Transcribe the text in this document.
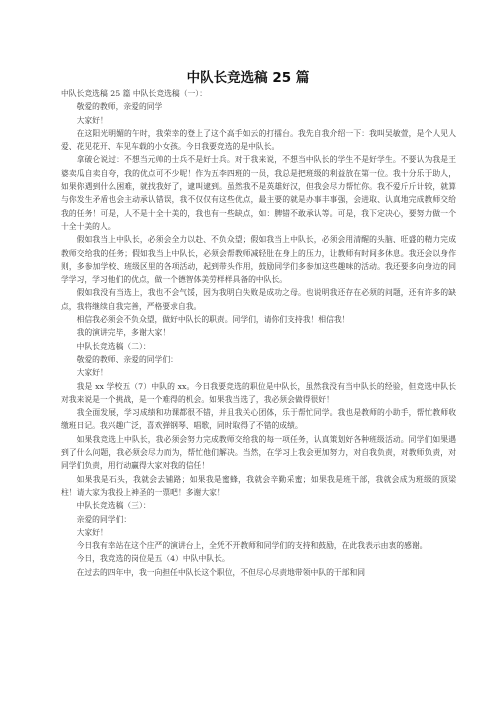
中队长竞选稿 25 篇

中队长竞选稿 25 篇 中队长竞选稿（一）：

敬爱的教师，亲爱的同学

大家好！

在这阳光明媚的午时，我荣幸的登上了这个高手如云的打擂台。我先自我介绍一下：我叫吴敏萱，是个人见人爱、花见花开、车见车载的小女孩。今日我要竞选的是中队长。

拿破仑说过：不想当元帅的士兵不是好士兵。对于我来说，不想当中队长的学生不是好学生。不要认为我是王婆卖瓜自卖自夸，我的优点可不少呢！作为五李四班的一员，我总是把班级的利益放在第一位。我十分乐于助人，如果你遇到什么困难，就找我好了，逮叫逮到。虽然我不是英雄好汉，但我会尽力帮忙你。我不爱斤斤计较，就算与你发生矛盾也会主动承认错误，我不仅仅有这些优点，最主要的就是办事丰事强，会进取、认真地完成教师交给我的任务！可是，人不是十全十美的，我也有一些缺点，如：脾错不敢承认等。可是，我下定决心，要努力做一个十全十美的人。

假如我当上中队长，必须会全力以赴、不负众望；假如我当上中队长，必须会用清醒的头脑、旺盛的精力完成教师交给我的任务；假如我当上中队长，必须会帮教师减轻肚在身上的压力，让教师有时间多休息。我还会以身作则，多参加学校、班级区里的各项活动，起到带头作用，鼓励同学们多参加这些趣味的活动。我还要多向身边的同学学习，学习他们的优点，做一个德智体美劳样样具备的中队长。

假如我没有当选上，我也不会气馁，因为我明白失败是成功之母。也说明我还存在必须的问题，还有许多的缺点，我将继续自我完善，严格要求自我。

相信我必须会不负众望，做好中队长的职责。同学们，请你们支持我！相信我！

我的演讲完毕，多谢大家！

中队长竞选稿（二）：

敬爱的教师、亲爱的同学们：

大家好！

我是 xx 学校五（7）中队的 xx。今日我要竞选的职位是中队长，虽然我没有当中队长的经验，但竞选中队长对我来说是一个挑战，是一个难得的机会。如果我当选了，我必须会做得很好！

我全面发展，学习成绩和功课都很不错，并且我关心团体，乐于帮忙同学。我也是教师的小助手，帮忙教师收缴班日记。我兴趣广泛，喜欢弹钢琴、唱歌，同时取得了不错的成绩。

如果我竞选上中队长，我必须会努力完成教师交给我的每一项任务，认真策划好各种班级活动。同学们如果遇到了什么问题，我必须会尽力而为，帮忙他们解决。当然，在学习上我会更加努力，对自我负责，对教师负责，对同学们负责，用行动赢得大家对我的信任！

如果我是石头，我就会去铺路；如果我是蜜蜂，我就会辛勤采蜜；如果我是班干部，我就会成为班级的顶梁柱！请大家为我投上神圣的一票吧！多谢大家！

中队长竞选稿（三）：

亲爱的同学们：

大家好！

今日我有幸站在这个庄严的演讲台上，全凭不开教师和同学们的支持和鼓励，在此我表示由衷的感谢。

今日，我竞选的岗位是五（4）中队中队长。

在过去的四年中，我一向担任中队长这个职位，不但尽心尽责地带领中队的干部和同
